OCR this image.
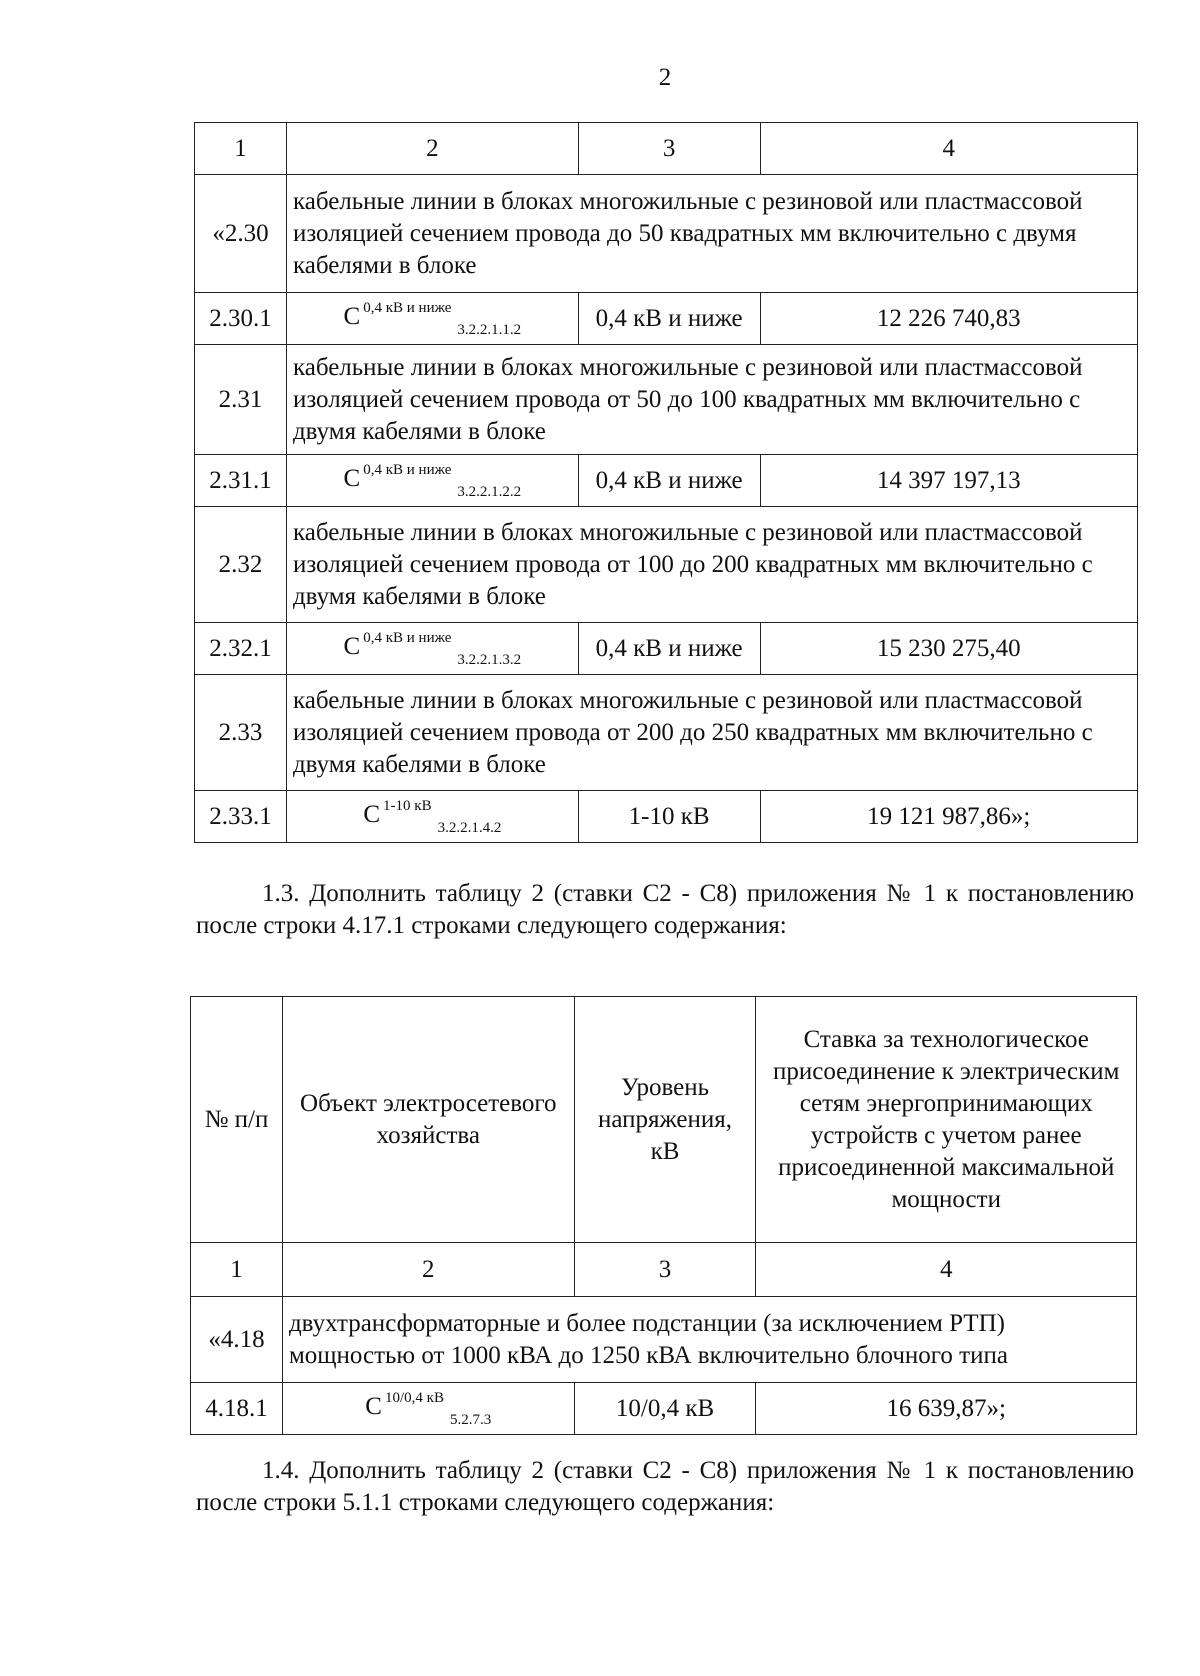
2
1	2	3	4
«2.30	кабельные линии в блоках многожильные с резиновой или пластмассовой изоляцией сечением провода до 50 квадратных мм включительно с двумя кабелями в блоке		
2.30.1	С $^{0,4 кВ и ниже}_{3.2.2.1.1.2}$	0,4 кВ и ниже	12 226 740,83
2.31	кабельные линии в блоках многожильные с резиновой или пластмассовой изоляцией сечением провода от 50 до 100 квадратных мм включительно с двумя кабелями в блоке		
2.31.1	С $^{0,4 кВ и ниже}_{3.2.2.1.2.2}$	0,4 кВ и ниже	14 397 197,13
2.32	кабельные линии в блоках многожильные с резиновой или пластмассовой изоляцией сечением провода от 100 до 200 квадратных мм включительно с двумя кабелями в блоке		
2.32.1	С $^{0,4 кВ и ниже}_{3.2.2.1.3.2}$	0,4 кВ и ниже	15 230 275,40
2.33	кабельные линии в блоках многожильные с резиновой или пластмассовой изоляцией сечением провода от 200 до 250 квадратных мм включительно с двумя кабелями в блоке		
2.33.1	С $^{1-10 кВ}_{3.2.2.1.4.2}$	1-10 кВ	19 121 987,86»;
1.3. Дополнить таблицу 2 (ставки С2 - С8) приложения № 1 к постановлению после строки 4.17.1 строками следующего содержания:
№ п/п	Объект электросетевого хозяйства	Уровень напряжения, кВ	Ставка за технологическое присоединение к электрическим сетям энергопринимающих устройств с учетом ранее присоединенной максимальной мощности
1	2	3	4
«4.18	двухтрансформаторные и более подстанции (за исключением РТП) мощностью от 1000 кВА до 1250 кВА включительно блочного типа		
4.18.1	С $^{10/0,4 кВ}_{5.2.7.3}$	10/0,4 кВ	16 639,87»;
1.4. Дополнить таблицу 2 (ставки С2 - С8) приложения № 1 к постановлению после строки 5.1.1 строками следующего содержания:
